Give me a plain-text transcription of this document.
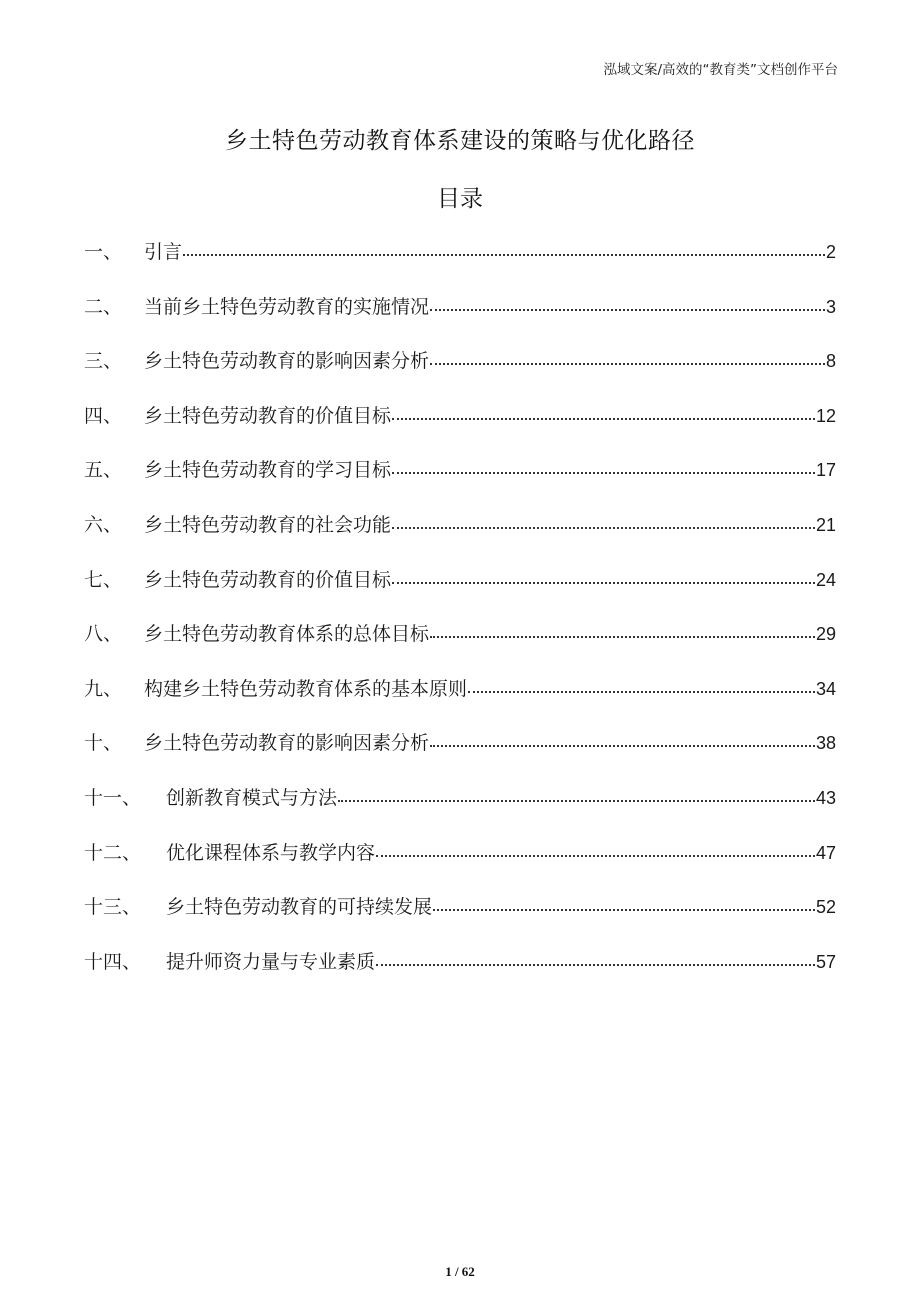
泓域文案/高效的“教育类”文档创作平台
乡土特色劳动教育体系建设的策略与优化路径
目录
一、	引言	2
二、	当前乡土特色劳动教育的实施情况	3
三、	乡土特色劳动教育的影响因素分析	8
四、	乡土特色劳动教育的价值目标	12
五、	乡土特色劳动教育的学习目标	17
六、	乡土特色劳动教育的社会功能	21
七、	乡土特色劳动教育的价值目标	24
八、	乡土特色劳动教育体系的总体目标	29
九、	构建乡土特色劳动教育体系的基本原则	34
十、	乡土特色劳动教育的影响因素分析	38
十一、	创新教育模式与方法	43
十二、	优化课程体系与教学内容	47
十三、	乡土特色劳动教育的可持续发展	52
十四、	提升师资力量与专业素质	57
1 / 62
